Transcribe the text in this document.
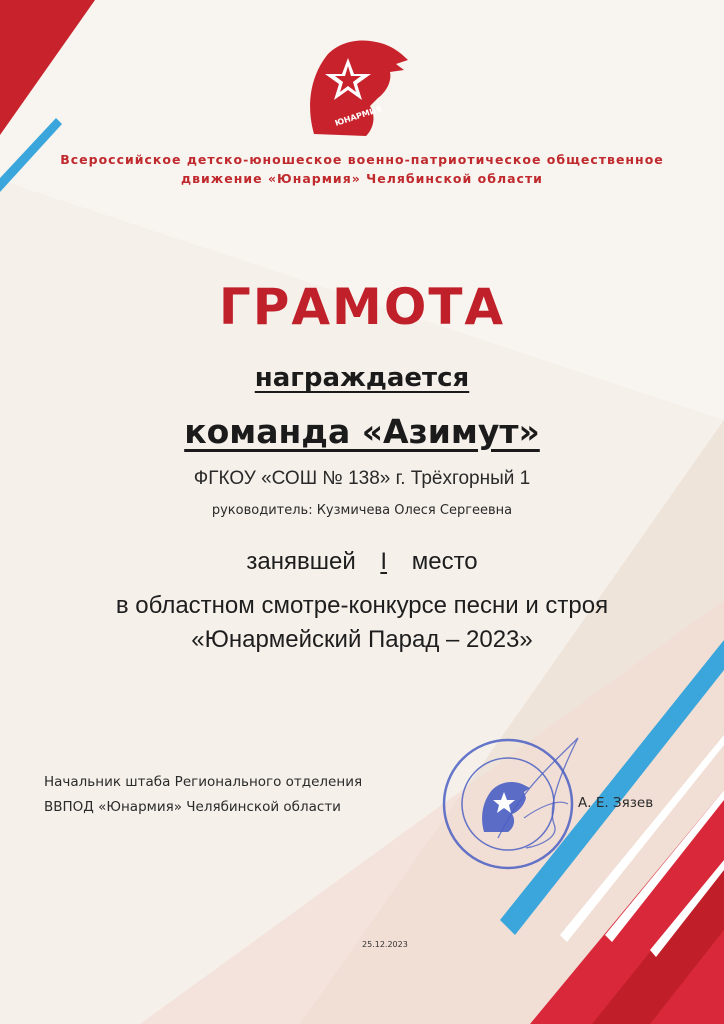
ЮНАРМИЯ
Всероссийское детско-юношеское военно-патриотическое общественное
движение «Юнармия» Челябинской области
ГРАМОТА
награждается
команда «Азимут»
ФГКОУ «СОШ № 138» г. Трёхгорный 1
руководитель: Кузмичева Олеся Сергеевна
занявшей I место
в областном смотре-конкурсе песни и строя
«Юнармейский Парад – 2023»
Начальник штаба Регионального отделения
ВВПОД «Юнармия» Челябинской области	А. Е. Зязев
25.12.2023
